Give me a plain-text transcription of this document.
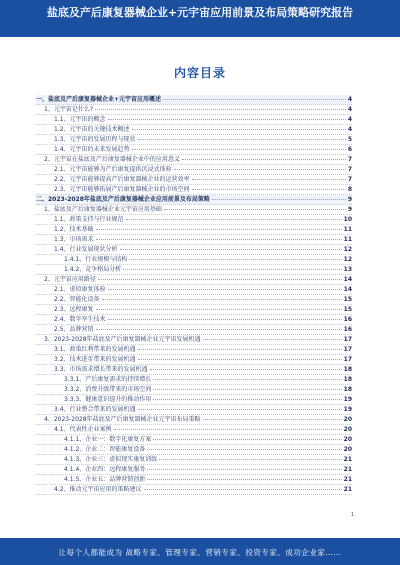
盐底及产后康复器械企业+元宇宙应用前景及布局策略研究报告
内容目录
一、盐底及产后康复器械企业+元宇宙应用概述	4
1、元宇宙是什么?	4
1.1、元宇宙的概念	4
1.2、元宇宙的关键技术概述	4
1.3、元宇宙的发展历程与现状	5
1.4、元宇宙的未来发展趋势	6
2、元宇宙在盐底及产后康复器械企业中的应用意义	7
2.1、元宇宙能够为产后康复提供沉浸式体验	7
2.2、元宇宙能够提高产后康复器械企业的运营效率	7
2.3、元宇宙能够拓展产后康复器械企业的市场空间	8
二、2023-2028年盐底及产后康复器械企业应用前景及布局策略	9
1、盐底及产后康复器械企业元宇宙应用基础	9
1.1、政策支持与行业规范	10
1.2、技术基础	11
1.3、市场需求	11
1.4、行业发展现状分析	12
1.4.1、行业规模与结构	12
1.4.2、竞争格局分析	13
2、元宇宙应用路径	14
2.1、虚拟康复体验	14
2.2、智能化设备	15
2.3、远程康复	15
2.4、数字孪生技术	16
2.5、品牌营销	16
3、2023-2028年盐底及产后康复器械企业元宇宙发展机遇	17
3.1、政策红利带来的发展机遇	17
3.2、技术进步带来的发展机遇	17
3.3、市场需求增长带来的发展机遇	18
3.3.1、产后康复需求的持续增长	18
3.3.2、消费升级带来的市场空间	18
3.3.3、健康意识提升的推动作用	19
3.4、行业整合带来的发展机遇	19
4、2023-2028年盐底及产后康复器械企业元宇宙布局策略	20
4.1、代表性企业案例	20
4.1.1、企业一：数字化康复方案	20
4.1.2、企业二：智能康复设备	20
4.1.3、企业三：虚拟现实康复训练	21
4.1.4、企业四：远程康复服务	21
4.1.5、企业五：品牌营销创新	21
4.2、推动元宇宙应用的策略建议	21
1
让每个人都能成为 战略专家、管理专家、营销专家、投资专家、成功企业家……
